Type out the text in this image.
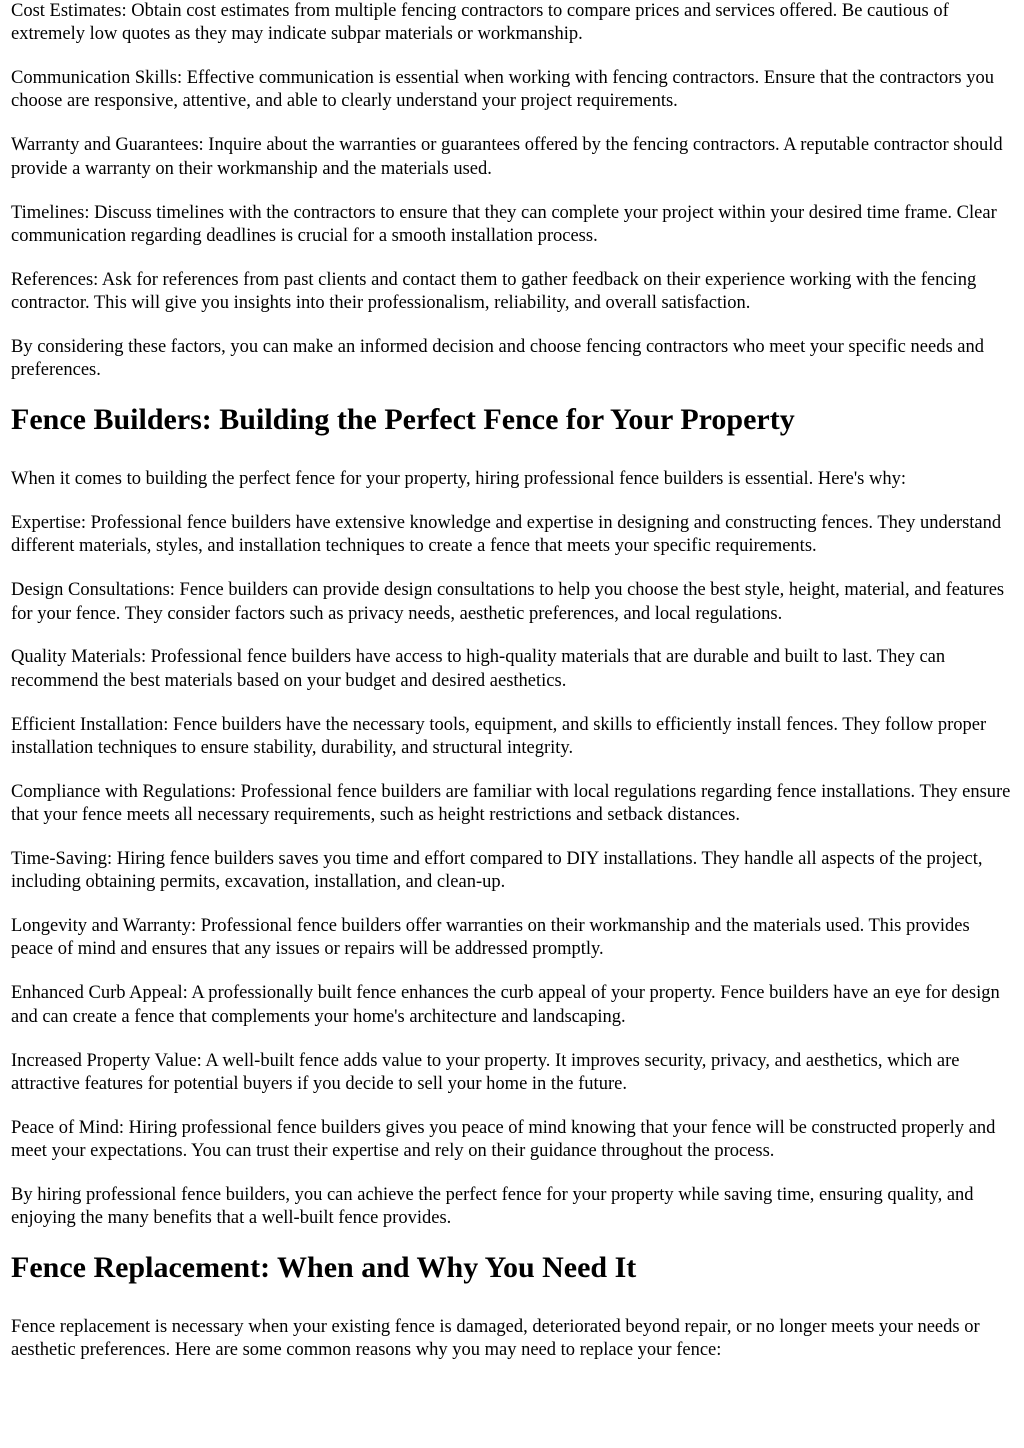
Cost Estimates: Obtain cost estimates from multiple fencing contractors to compare prices and services offered. Be cautious of extremely low quotes as they may indicate subpar materials or workmanship.

Communication Skills: Effective communication is essential when working with fencing contractors. Ensure that the contractors you choose are responsive, attentive, and able to clearly understand your project requirements.

Warranty and Guarantees: Inquire about the warranties or guarantees offered by the fencing contractors. A reputable contractor should provide a warranty on their workmanship and the materials used.

Timelines: Discuss timelines with the contractors to ensure that they can complete your project within your desired time frame. Clear communication regarding deadlines is crucial for a smooth installation process.

References: Ask for references from past clients and contact them to gather feedback on their experience working with the fencing contractor. This will give you insights into their professionalism, reliability, and overall satisfaction.

By considering these factors, you can make an informed decision and choose fencing contractors who meet your specific needs and preferences.

Fence Builders: Building the Perfect Fence for Your Property

When it comes to building the perfect fence for your property, hiring professional fence builders is essential. Here's why:

Expertise: Professional fence builders have extensive knowledge and expertise in designing and constructing fences. They understand different materials, styles, and installation techniques to create a fence that meets your specific requirements.

Design Consultations: Fence builders can provide design consultations to help you choose the best style, height, material, and features for your fence. They consider factors such as privacy needs, aesthetic preferences, and local regulations.

Quality Materials: Professional fence builders have access to high-quality materials that are durable and built to last. They can recommend the best materials based on your budget and desired aesthetics.

Efficient Installation: Fence builders have the necessary tools, equipment, and skills to efficiently install fences. They follow proper installation techniques to ensure stability, durability, and structural integrity.

Compliance with Regulations: Professional fence builders are familiar with local regulations regarding fence installations. They ensure that your fence meets all necessary requirements, such as height restrictions and setback distances.

Time-Saving: Hiring fence builders saves you time and effort compared to DIY installations. They handle all aspects of the project, including obtaining permits, excavation, installation, and clean-up.

Longevity and Warranty: Professional fence builders offer warranties on their workmanship and the materials used. This provides peace of mind and ensures that any issues or repairs will be addressed promptly.

Enhanced Curb Appeal: A professionally built fence enhances the curb appeal of your property. Fence builders have an eye for design and can create a fence that complements your home's architecture and landscaping.

Increased Property Value: A well-built fence adds value to your property. It improves security, privacy, and aesthetics, which are attractive features for potential buyers if you decide to sell your home in the future.

Peace of Mind: Hiring professional fence builders gives you peace of mind knowing that your fence will be constructed properly and meet your expectations. You can trust their expertise and rely on their guidance throughout the process.

By hiring professional fence builders, you can achieve the perfect fence for your property while saving time, ensuring quality, and enjoying the many benefits that a well-built fence provides.

Fence Replacement: When and Why You Need It

Fence replacement is necessary when your existing fence is damaged, deteriorated beyond repair, or no longer meets your needs or aesthetic preferences. Here are some common reasons why you may need to replace your fence:
